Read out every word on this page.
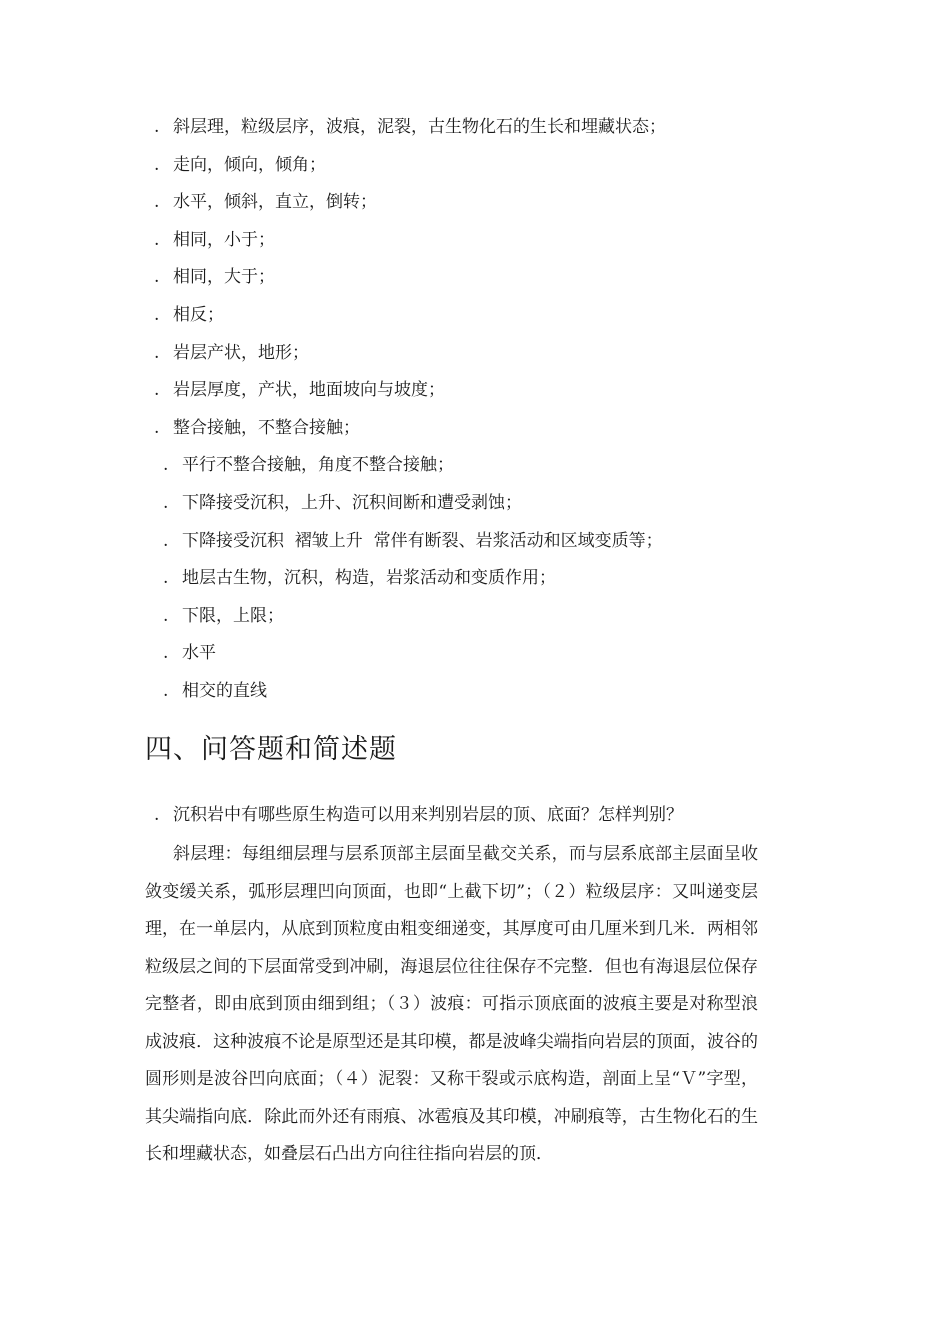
. 斜层理，粒级层序，波痕，泥裂，古生物化石的生长和埋藏状态；
. 走向，倾向，倾角；
. 水平，倾斜，直立，倒转；
. 相同，小于；
. 相同，大于；
. 相反；
. 岩层产状，地形；
. 岩层厚度，产状，地面坡向与坡度；
. 整合接触，不整合接触；
. 平行不整合接触，角度不整合接触；
. 下降接受沉积，上升、沉积间断和遭受剥蚀；
. 下降接受沉积  褶皱上升  常伴有断裂、岩浆活动和区域变质等；
. 地层古生物，沉积，构造，岩浆活动和变质作用；
. 下限，上限；
. 水平
. 相交的直线
四、问答题和简述题
. 沉积岩中有哪些原生构造可以用来判别岩层的顶、底面？怎样判别？

斜层理：每组细层理与层系顶部主层面呈截交关系，而与层系底部主层面呈收敛变缓关系，弧形层理凹向顶面，也即“上截下切”；（２）粒级层序：又叫递变层理，在一单层内，从底到顶粒度由粗变细递变，其厚度可由几厘米到几米．两相邻粒级层之间的下层面常受到冲刷，海退层位往往保存不完整．但也有海退层位保存完整者，即由底到顶由细到组；（３）波痕：可指示顶底面的波痕主要是对称型浪成波痕．这种波痕不论是原型还是其印模，都是波峰尖端指向岩层的顶面，波谷的圆形则是波谷凹向底面；（４）泥裂：又称干裂或示底构造，剖面上呈“Ｖ”字型，其尖端指向底．除此而外还有雨痕、冰雹痕及其印模，冲刷痕等，古生物化石的生长和埋藏状态，如叠层石凸出方向往往指向岩层的顶．
